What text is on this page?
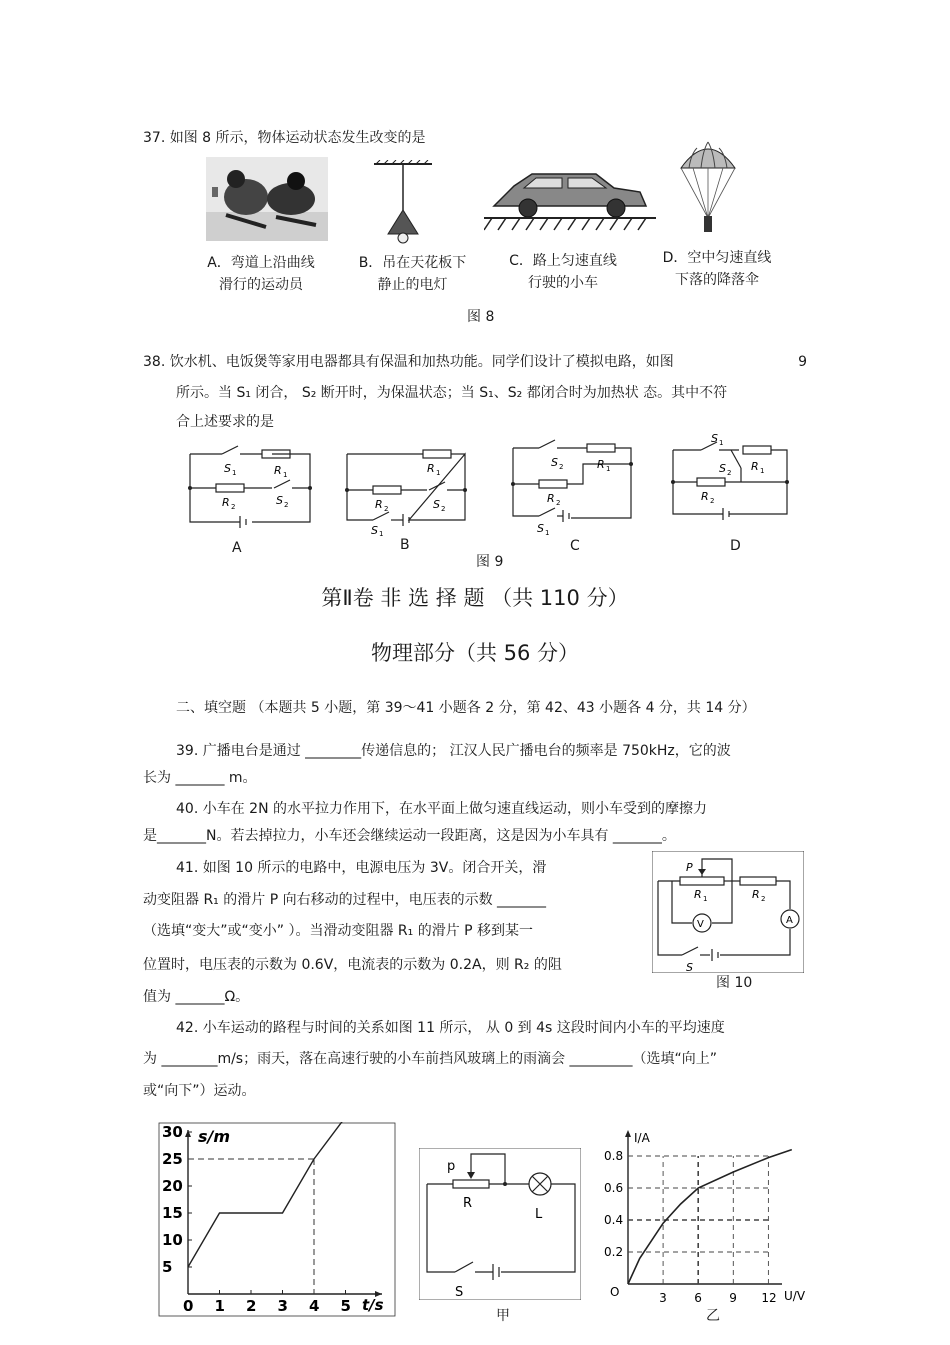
37. 如图 8 所示，物体运动状态发生改变的是
A．弯道上沿曲线
滑行的运动员
B．吊在天花板下
静止的电灯
C．路上匀速直线
行驶的小车
D．空中匀速直线
下落的降落伞
图 8
38. 饮水机、电饭煲等家用电器都具有保温和加热功能。同学们设计了模拟电路，如图	9
所示。当 S₁ 闭合， S₂ 断开时，为保温状态；当 S₁、S₂ 都闭合时为加热状 态。其中不符
合上述要求的是
S 1	R 1
R 2	S 2
A
R 1
R 2	S 2
S 1
B
S 2	R 1
R 2
S 1
C
S 1
R 1
S 2
R 2
D
图 9
第Ⅱ卷 非 选 择 题 （共 110 分）
物理部分（共 56 分）
二、填空题 （本题共 5 小题，第 39～41 小题各 2 分，第 42、43 小题各 4 分，共 14 分）
39. 广播电台是通过 ________传递信息的； 江汉人民广播电台的频率是 750kHz，它的波
长为 _______ m。
40. 小车在 2N 的水平拉力作用下，在水平面上做匀速直线运动，则小车受到的摩擦力
是_______N。若去掉拉力，小车还会继续运动一段距离，这是因为小车具有 _______。
41. 如图 10 所示的电路中，电源电压为 3V。闭合开关，滑
动变阻器 R₁ 的滑片 P 向右移动的过程中，电压表的示数 _______
（选填“变大”或“变小” ）。当滑动变阻器 R₁ 的滑片 P 移到某一
位置时，电压表的示数为 0.6V，电流表的示数为 0.2A，则 R₂ 的阻
值为 _______Ω。
V	A
P
R 1	R 2
S
图 10
42. 小车运动的路程与时间的关系如图 11 所示， 从 0 到 4s 这段时间内小车的平均速度
为 ________m/s；雨天，落在高速行驶的小车前挡风玻璃上的雨滴会 _________（选填“向上”
或“向下”）运动。
0 1 2 3 4 5
30
25
20
15
10
5
s/m
t/s
p
R
L
S
甲
0.8
0.6
0.4
0.2
3 6 9 12
I/A
U/V
O
乙
